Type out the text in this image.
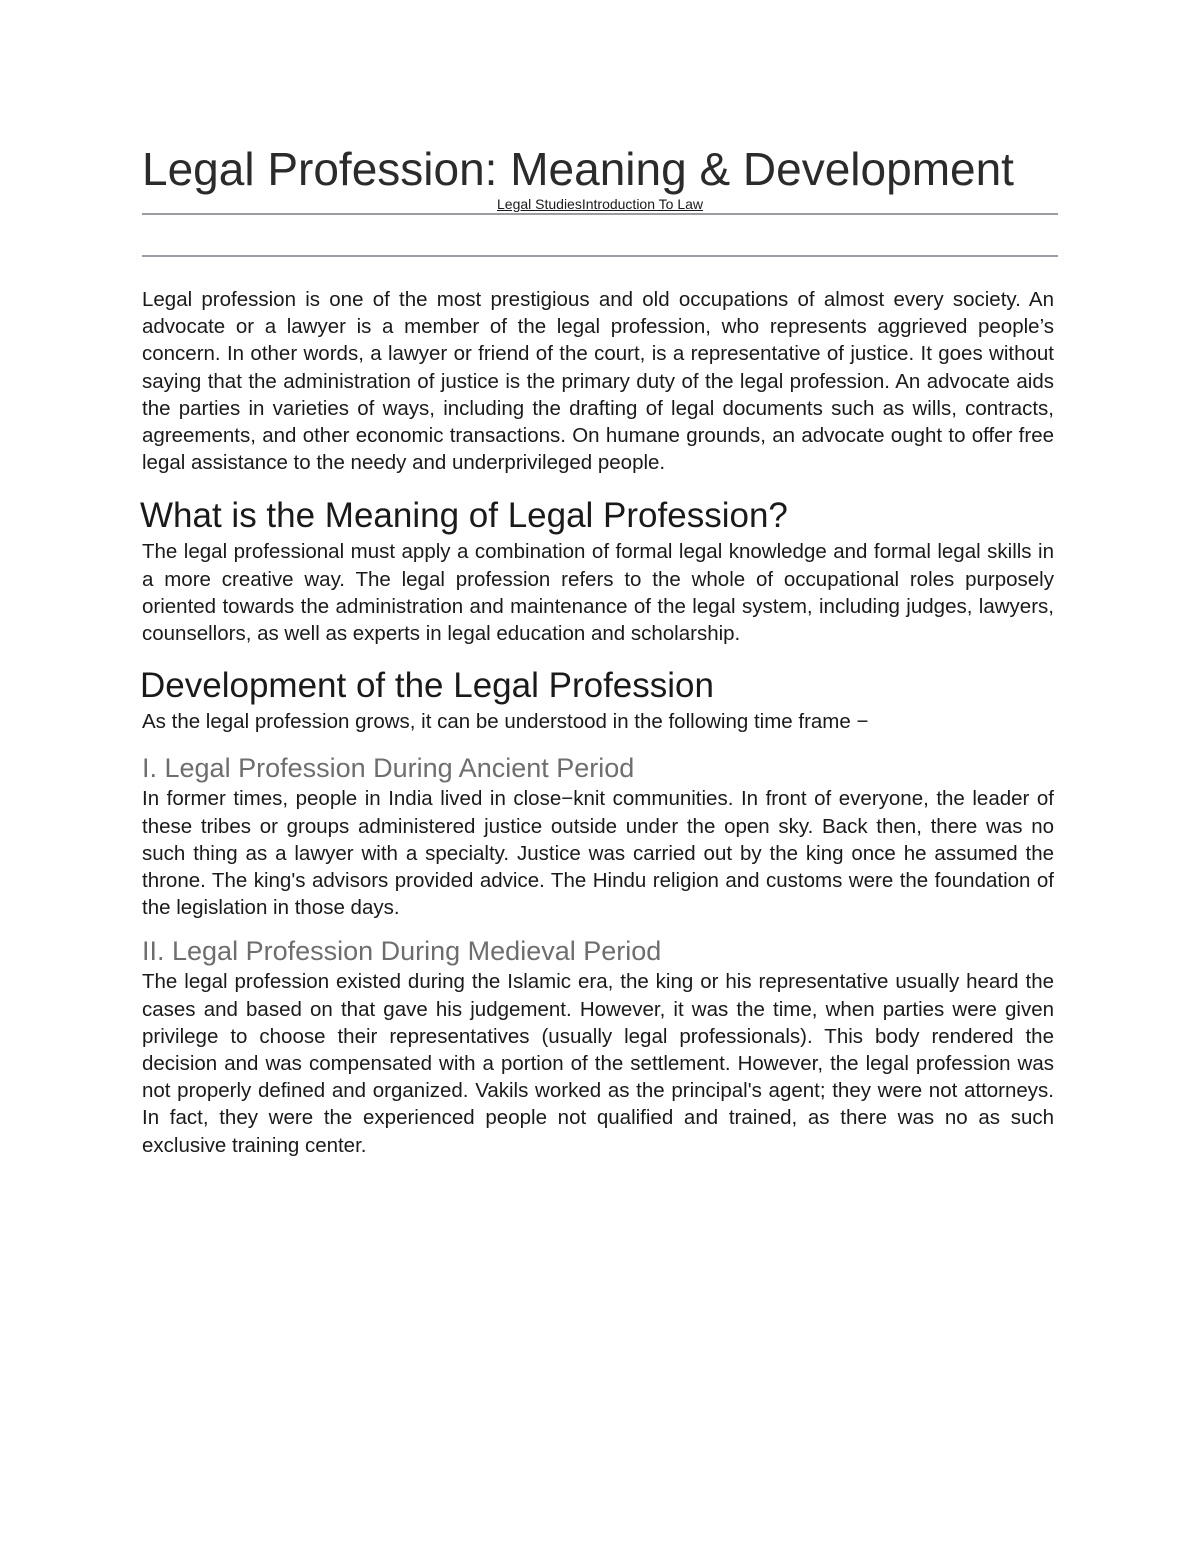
Legal Profession: Meaning & Development
Legal StudiesIntroduction To Law

Legal profession is one of the most prestigious and old occupations of almost every society. An advocate or a lawyer is a member of the legal profession, who represents aggrieved people’s concern. In other words, a lawyer or friend of the court, is a representative of justice. It goes without saying that the administration of justice is the primary duty of the legal profession. An advocate aids the parties in varieties of ways, including the drafting of legal documents such as wills, contracts, agreements, and other economic transactions. On humane grounds, an advocate ought to offer free legal assistance to the needy and underprivileged people.

What is the Meaning of Legal Profession?

The legal professional must apply a combination of formal legal knowledge and formal legal skills in a more creative way. The legal profession refers to the whole of occupational roles purposely oriented towards the administration and maintenance of the legal system, including judges, lawyers, counsellors, as well as experts in legal education and scholarship.

Development of the Legal Profession

As the legal profession grows, it can be understood in the following time frame −

I. Legal Profession During Ancient Period

In former times, people in India lived in close−knit communities. In front of everyone, the leader of these tribes or groups administered justice outside under the open sky. Back then, there was no such thing as a lawyer with a specialty. Justice was carried out by the king once he assumed the throne. The king's advisors provided advice. The Hindu religion and customs were the foundation of the legislation in those days.

II. Legal Profession During Medieval Period

The legal profession existed during the Islamic era, the king or his representative usually heard the cases and based on that gave his judgement. However, it was the time, when parties were given privilege to choose their representatives (usually legal professionals). This body rendered the decision and was compensated with a portion of the settlement. However, the legal profession was not properly defined and organized. Vakils worked as the principal's agent; they were not attorneys. In fact, they were the experienced people not qualified and trained, as there was no as such exclusive training center.
